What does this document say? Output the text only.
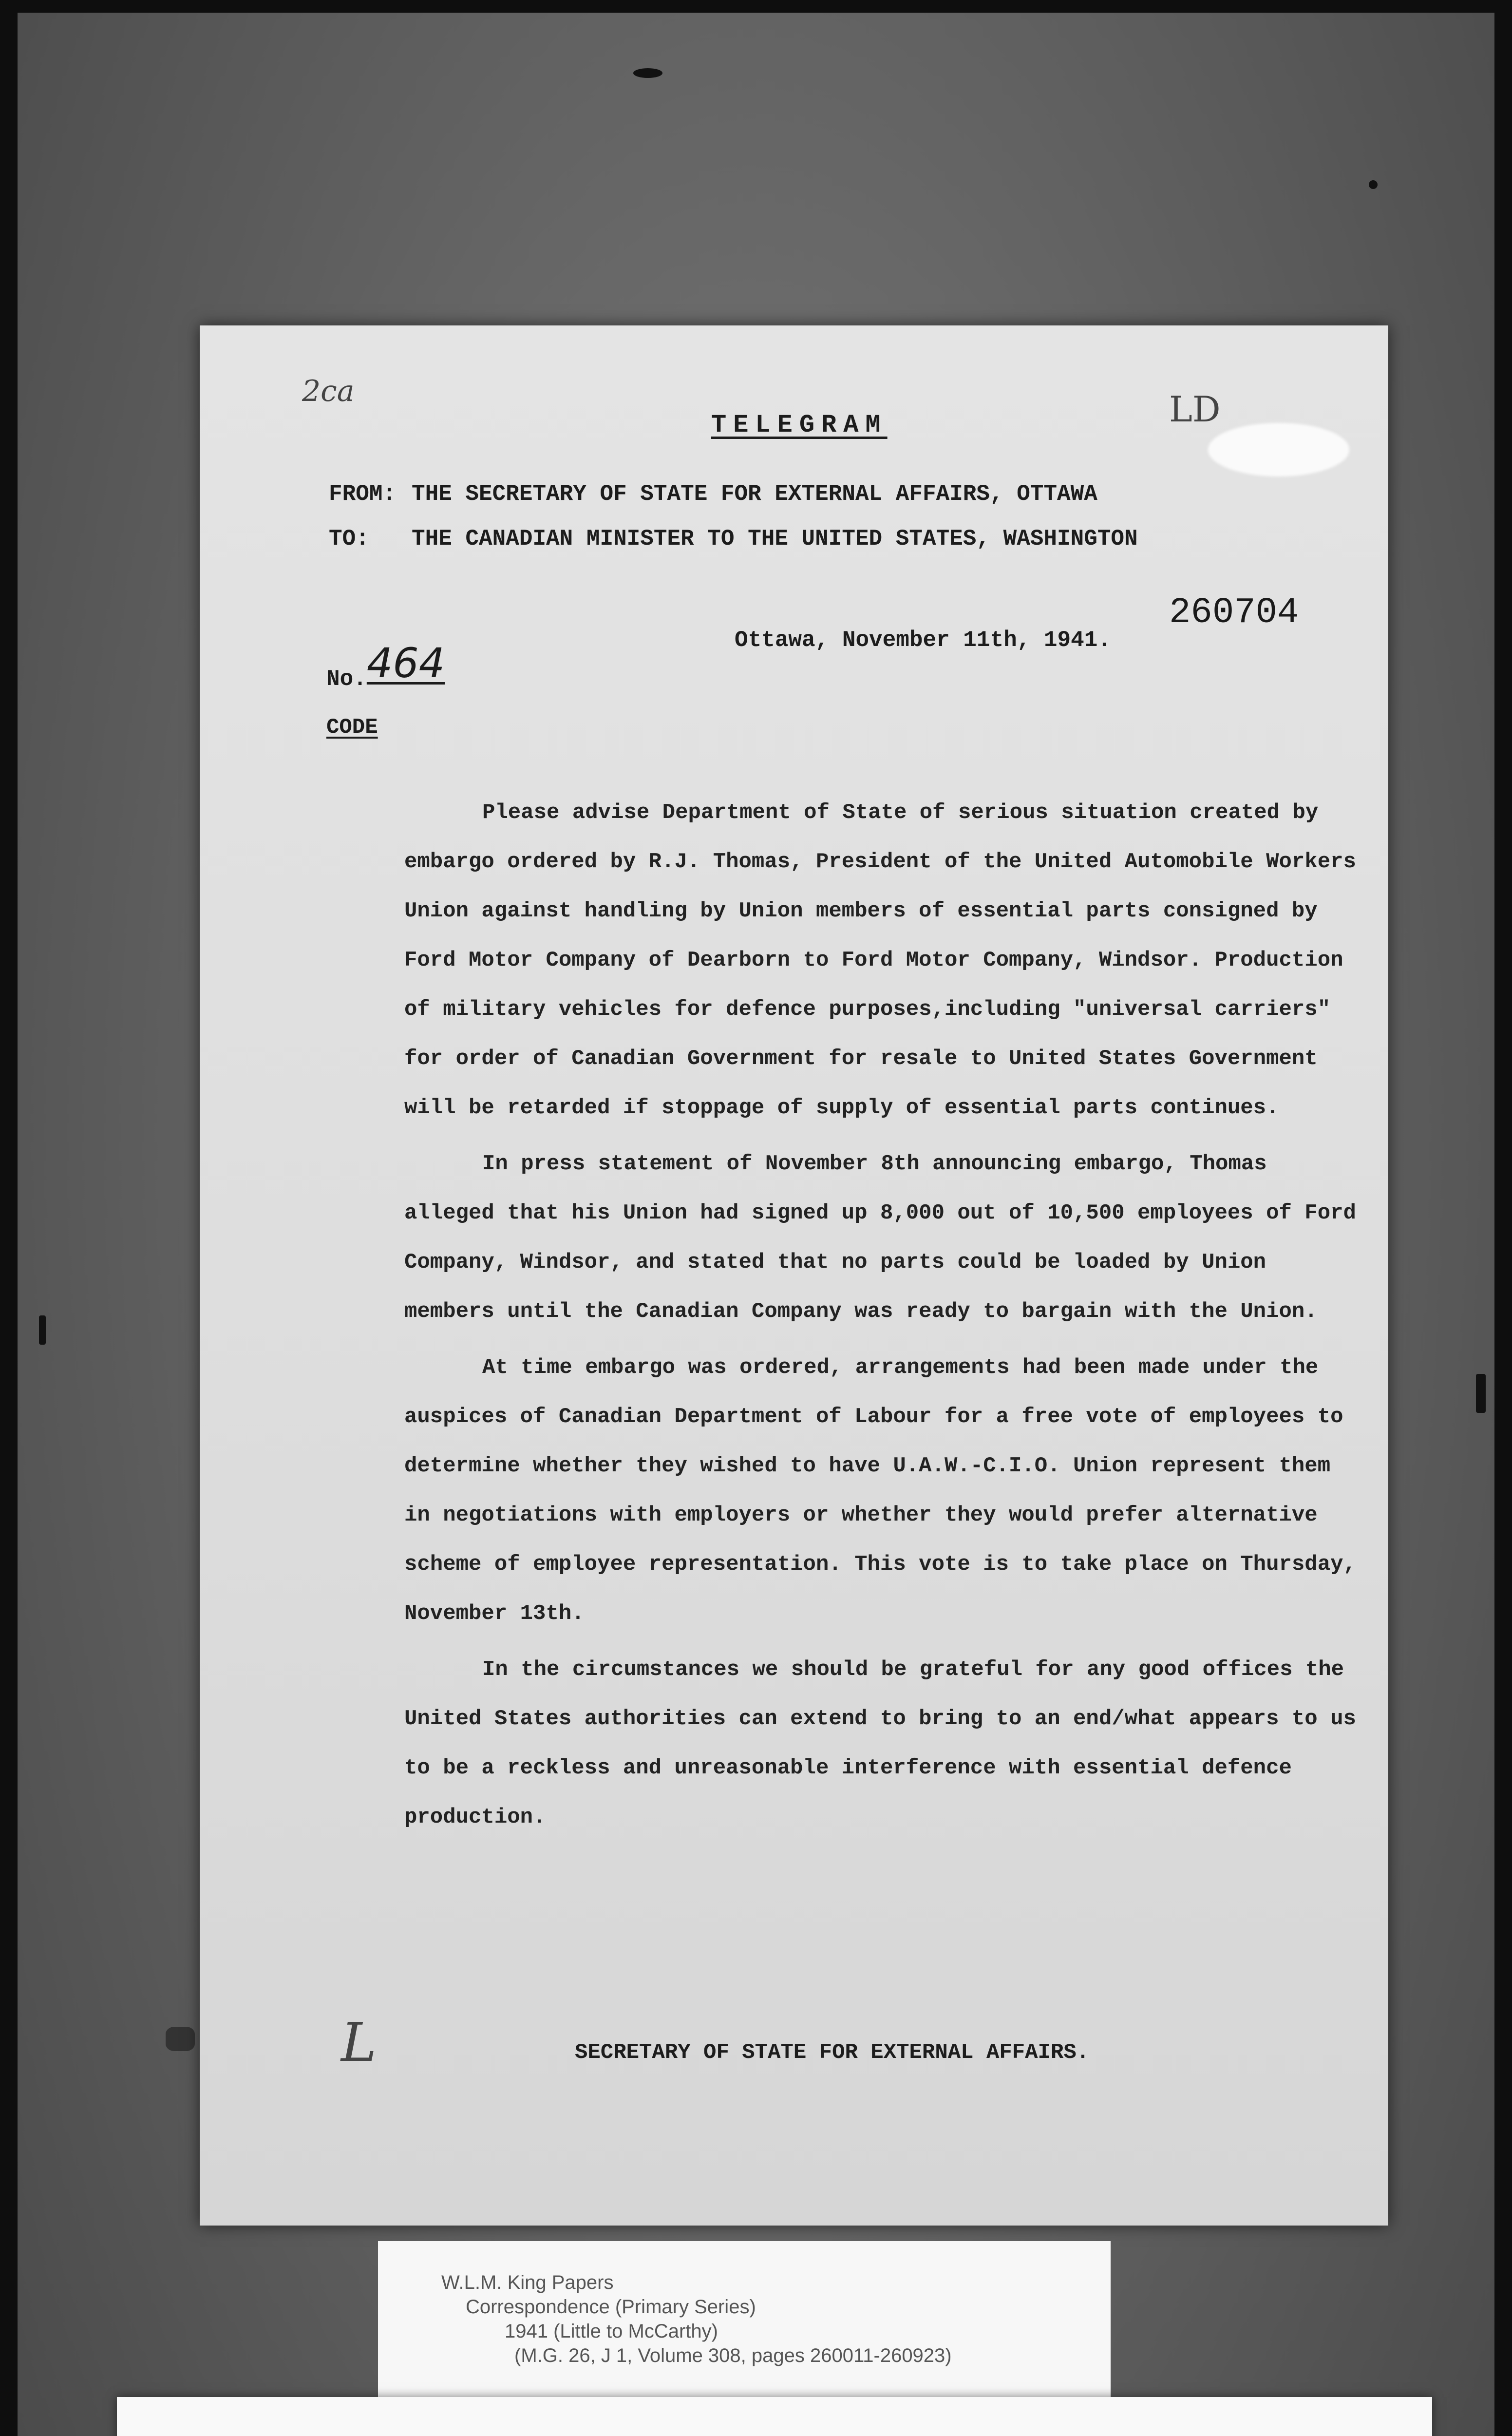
2ca	LD
L
TELEGRAM
FROM: THE SECRETARY OF STATE FOR EXTERNAL AFFAIRS, OTTAWA
TO: THE CANADIAN MINISTER TO THE UNITED STATES, WASHINGTON
260704
Ottawa, November 11th, 1941.
No.464
CODE

Please advise Department of State of serious situation created by embargo ordered by R.J. Thomas, President of the United Automobile Workers Union against handling by Union members of essential parts consigned by Ford Motor Company of Dearborn to Ford Motor Company, Windsor. Production of military vehicles for defence purposes,including "universal carriers" for order of Canadian Government for resale to United States Government will be retarded if stoppage of supply of essential parts continues.

In press statement of November 8th announcing embargo, Thomas alleged that his Union had signed up 8,000 out of 10,500 employees of Ford Company, Windsor, and stated that no parts could be loaded by Union members until the Canadian Company was ready to bargain with the Union.

At time embargo was ordered, arrangements had been made under the auspices of Canadian Department of Labour for a free vote of employees to determine whether they wished to have U.A.W.-C.I.O. Union represent them in negotiations with employers or whether they would prefer alternative scheme of employee representation. This vote is to take place on Thursday, November 13th.

In the circumstances we should be grateful for any good offices the United States authorities can extend to bring to an end/what appears to us to be a reckless and unreasonable interference with essential defence production.

SECRETARY OF STATE FOR EXTERNAL AFFAIRS.
W.L.M. King Papers
Correspondence (Primary Series)
1941 (Little to McCarthy)
(M.G. 26, J 1, Volume 308, pages 260011-260923)
